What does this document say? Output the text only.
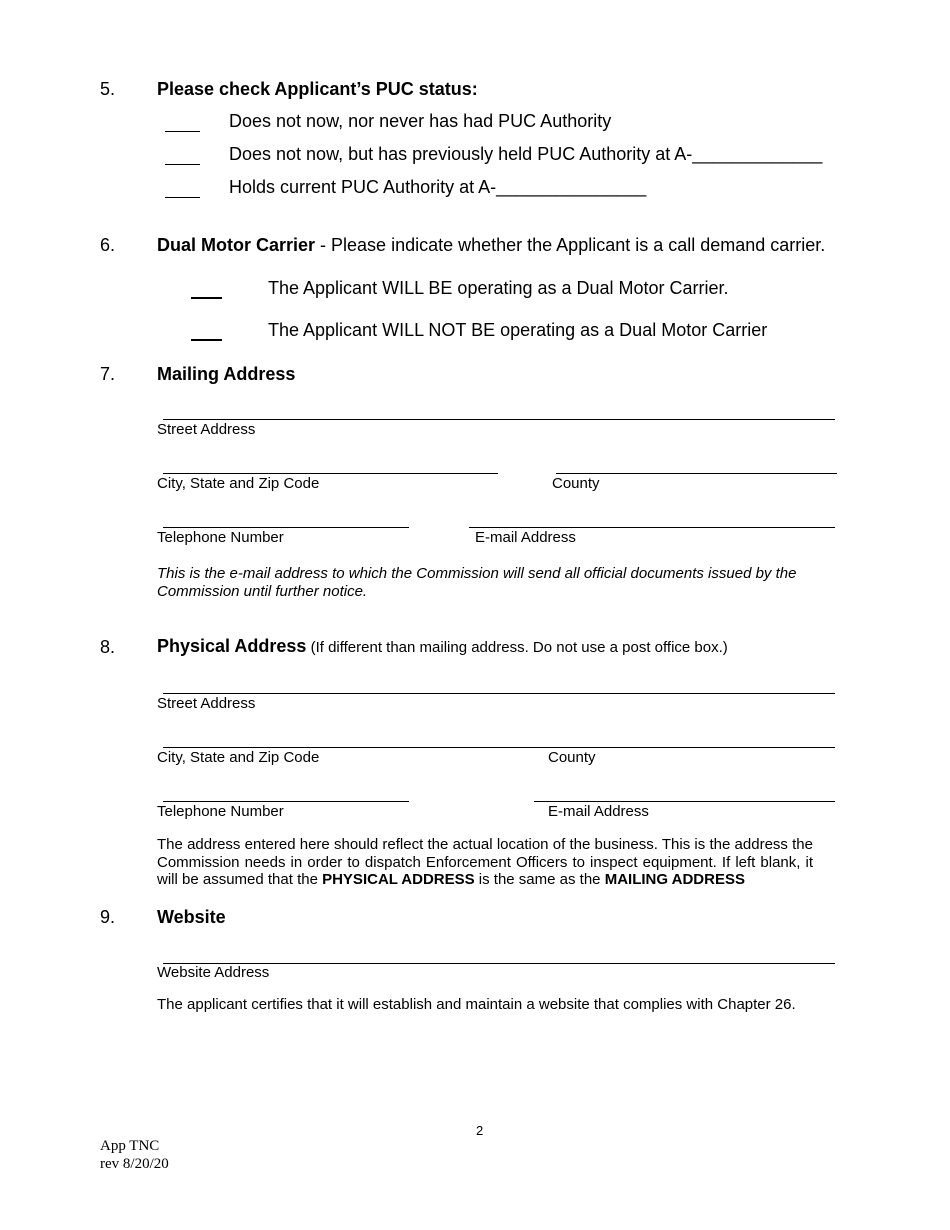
5. Please check Applicant’s PUC status:
Does not now, nor never has had PUC Authority
Does not now, but has previously held PUC Authority at A-_____________
Holds current PUC Authority at A-_______________
6. Dual Motor Carrier - Please indicate whether the Applicant is a call demand carrier.
The Applicant WILL BE operating as a Dual Motor Carrier.
The Applicant WILL NOT BE operating as a Dual Motor Carrier
7. Mailing Address
Street Address
City, State and Zip Code	County
Telephone Number	E-mail Address
This is the e-mail address to which the Commission will send all official documents issued by the Commission until further notice.
8. Physical Address (If different than mailing address. Do not use a post office box.)
Street Address
City, State and Zip Code	County
Telephone Number	E-mail Address
The address entered here should reflect the actual location of the business. This is the address the Commission needs in order to dispatch Enforcement Officers to inspect equipment. If left blank, it will be assumed that the PHYSICAL ADDRESS is the same as the MAILING ADDRESS
9. Website
Website Address
The applicant certifies that it will establish and maintain a website that complies with Chapter 26.
2
App TNC
rev 8/20/20
